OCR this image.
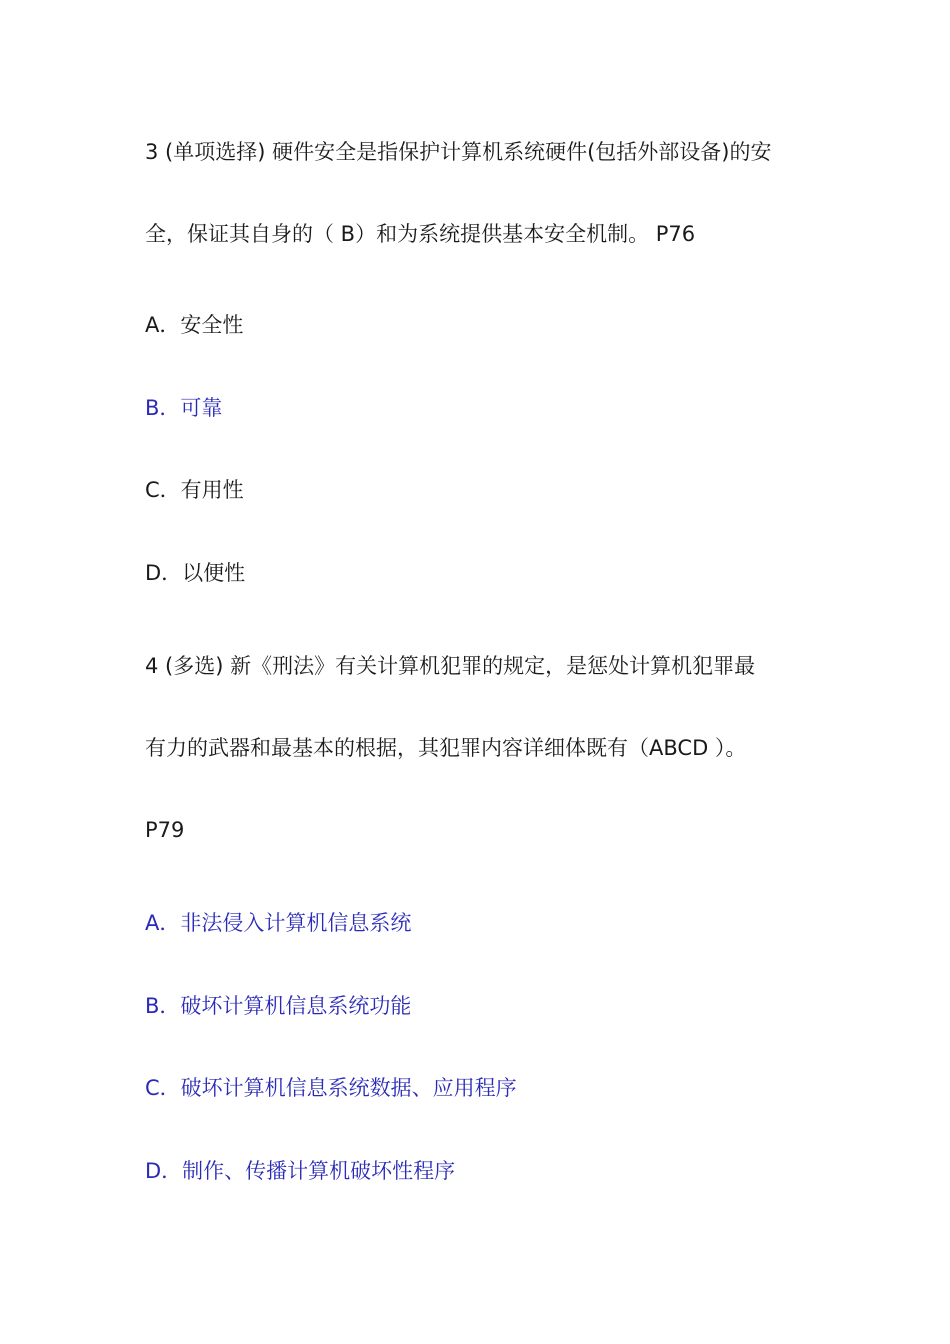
3 (单项选择) 硬件安全是指保护计算机系统硬件(包括外部设备)的安

全，保证其自身的（ B）和为系统提供基本安全机制。 P76

A．安全性

B．可靠

C．有用性

D．以便性

4 (多选) 新《刑法》有关计算机犯罪的规定，是惩处计算机犯罪最

有力的武器和最基本的根据，其犯罪内容详细体既有（ABCD ）。

P79

A．非法侵入计算机信息系统

B．破坏计算机信息系统功能

C．破坏计算机信息系统数据、应用程序

D．制作、传播计算机破坏性程序
